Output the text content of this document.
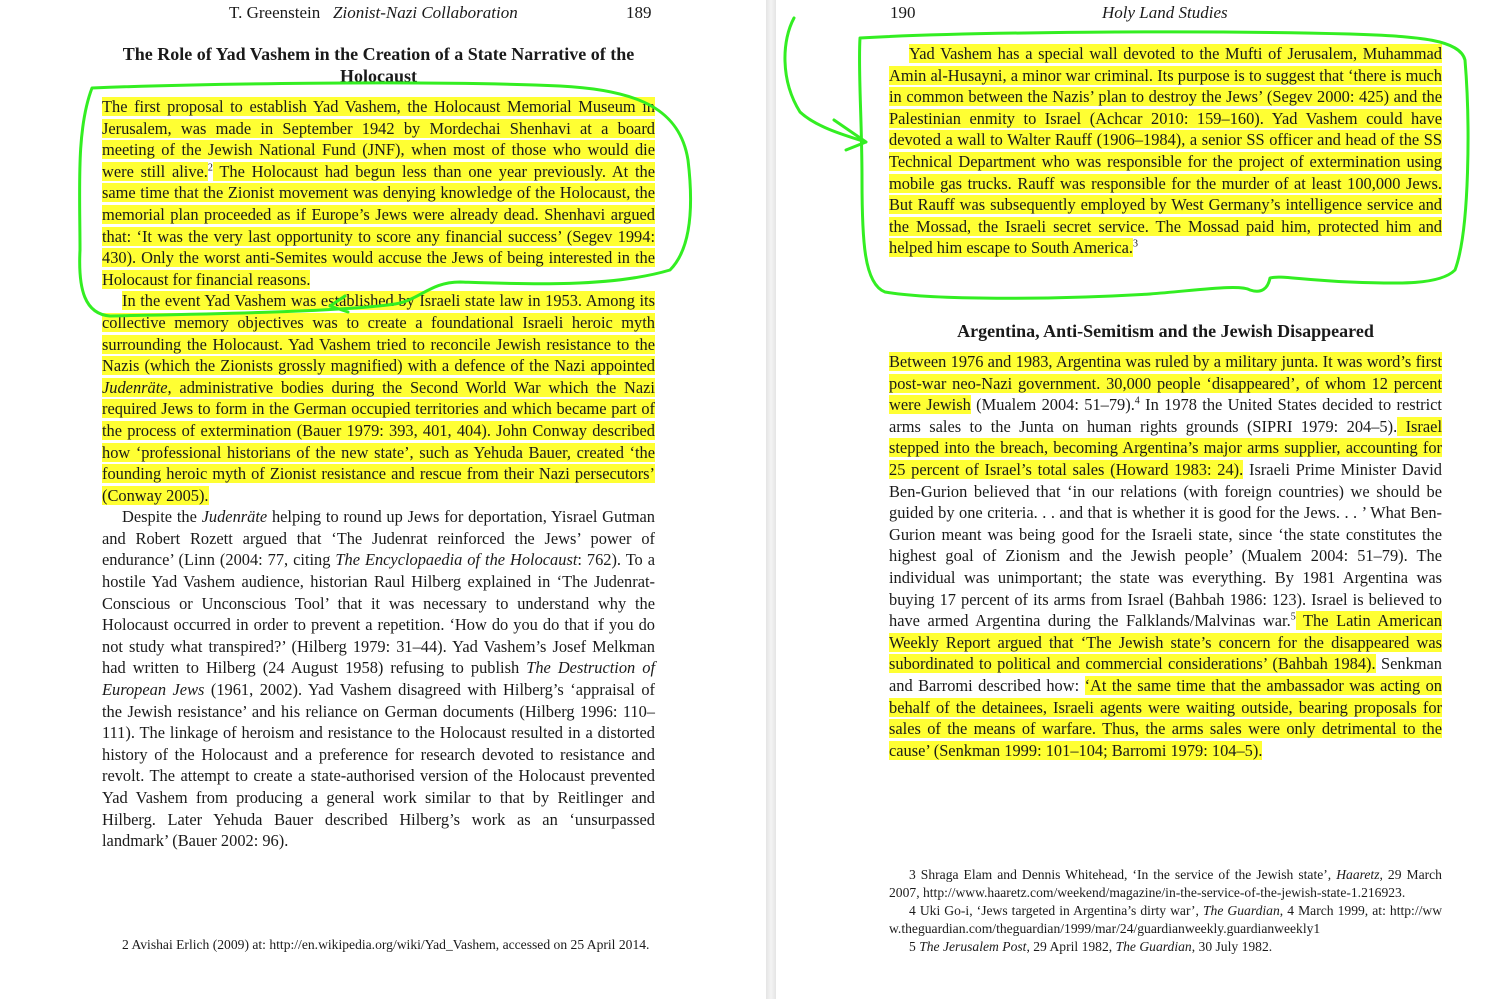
T. Greenstein Zionist-Nazi Collaboration	189
The Role of Yad Vashem in the Creation of a State Narrative of the Holocaust

The first proposal to establish Yad Vashem, the Holocaust Memorial Museum in Jerusalem, was made in September 1942 by Mordechai Shenhavi at a board meeting of the Jewish National Fund (JNF), when most of those who would die were still alive.$^2$ The Holocaust had begun less than one year previously. At the same time that the Zionist movement was denying knowledge of the Holocaust, the memorial plan proceeded as if Europe’s Jews were already dead. Shenhavi argued that: ‘It was the very last opportunity to score any financial success’ (Segev 1994: 430). Only the worst anti-Semites would accuse the Jews of being interested in the Holocaust for financial reasons.

In the event Yad Vashem was established by Israeli state law in 1953. Among its collective memory objectives was to create a foundational Israeli heroic myth surrounding the Holocaust. Yad Vashem tried to reconcile Jewish resistance to the Nazis (which the Zionists grossly magnified) with a defence of the Nazi appointed Judenräte, administrative bodies during the Second World War which the Nazi required Jews to form in the German occupied territories and which became part of the process of extermination (Bauer 1979: 393, 401, 404). John Conway described how ‘professional historians of the new state’, such as Yehuda Bauer, created ‘the founding heroic myth of Zionist resistance and rescue from their Nazi persecutors’ (Conway 2005).

Despite the Judenräte helping to round up Jews for deportation, Yisrael Gutman and Robert Rozett argued that ‘The Judenrat reinforced the Jews’ power of endurance’ (Linn (2004: 77, citing The Encyclopaedia of the Holocaust: 762). To a hostile Yad Vashem audience, historian Raul Hilberg explained in ‘The Judenrat-Conscious or Unconscious Tool’ that it was necessary to understand why the Holocaust occurred in order to prevent a repetition. ‘How do you do that if you do not study what transpired?’ (Hilberg 1979: 31–44). Yad Vashem’s Josef Melkman had written to Hilberg (24 August 1958) refusing to publish The Destruction of European Jews (1961, 2002). Yad Vashem disagreed with Hilberg’s ‘appraisal of the Jewish resistance’ and his reliance on German documents (Hilberg 1996: 110–111). The linkage of heroism and resistance to the Holocaust resulted in a distorted history of the Holocaust and a preference for research devoted to resistance and revolt. The attempt to create a state-authorised version of the Holocaust prevented Yad Vashem from producing a general work similar to that by Reitlinger and Hilberg. Later Yehuda Bauer described Hilberg’s work as an ‘unsurpassed landmark’ (Bauer 2002: 96).

2 Avishai Erlich (2009) at: http://en.wikipedia.org/wiki/Yad_Vashem, accessed on 25 April 2014.

190	Holy Land Studies

Yad Vashem has a special wall devoted to the Mufti of Jerusalem, Muhammad Amin al-Husayni, a minor war criminal. Its purpose is to suggest that ‘there is much in common between the Nazis’ plan to destroy the Jews’ (Segev 2000: 425) and the Palestinian enmity to Israel (Achcar 2010: 159–160). Yad Vashem could have devoted a wall to Walter Rauff (1906–1984), a senior SS officer and head of the SS Technical Department who was responsible for the project of extermination using mobile gas trucks. Rauff was responsible for the murder of at least 100,000 Jews. But Rauff was subsequently employed by West Germany’s intelligence service and the Mossad, the Israeli secret service. The Mossad paid him, protected him and helped him escape to South America.$^3$

Argentina, Anti-Semitism and the Jewish Disappeared

Between 1976 and 1983, Argentina was ruled by a military junta. It was word’s first post-war neo-Nazi government. 30,000 people ‘disappeared’, of whom 12 percent were Jewish (Mualem 2004: 51–79).$^4$ In 1978 the United States decided to restrict arms sales to the Junta on human rights grounds (SIPRI 1979: 204–5). Israel stepped into the breach, becoming Argentina’s major arms supplier, accounting for 25 percent of Israel’s total sales (Howard 1983: 24). Israeli Prime Minister David Ben-Gurion believed that ‘in our relations (with foreign countries) we should be guided by one criteria. . . and that is whether it is good for the Jews. . . ’ What Ben-Gurion meant was being good for the Israeli state, since ‘the state constitutes the highest goal of Zionism and the Jewish people’ (Mualem 2004: 51–79). The individual was unimportant; the state was everything. By 1981 Argentina was buying 17 percent of its arms from Israel (Bahbah 1986: 123). Israel is believed to have armed Argentina during the Falklands/Malvinas war.$^5$ The Latin American Weekly Report argued that ‘The Jewish state’s concern for the disappeared was subordinated to political and commercial considerations’ (Bahbah 1984). Senkman and Barromi described how: ‘At the same time that the ambassador was acting on behalf of the detainees, Israeli agents were waiting outside, bearing proposals for sales of the means of warfare. Thus, the arms sales were only detrimental to the cause’ (Senkman 1999: 101–104; Barromi 1979: 104–5).

3 Shraga Elam and Dennis Whitehead, ‘In the service of the Jewish state’, Haaretz, 29 March 2007, http://www.haaretz.com/weekend/magazine/in-the-service-of-the-jewish-state-1.216923.

4 Uki Go-i, ‘Jews targeted in Argentina’s dirty war’, The Guardian, 4 March 1999, at: http://www.theguardian.com/theguardian/1999/mar/24/guardianweekly.guardianweekly1

5 The Jerusalem Post, 29 April 1982, The Guardian, 30 July 1982.
